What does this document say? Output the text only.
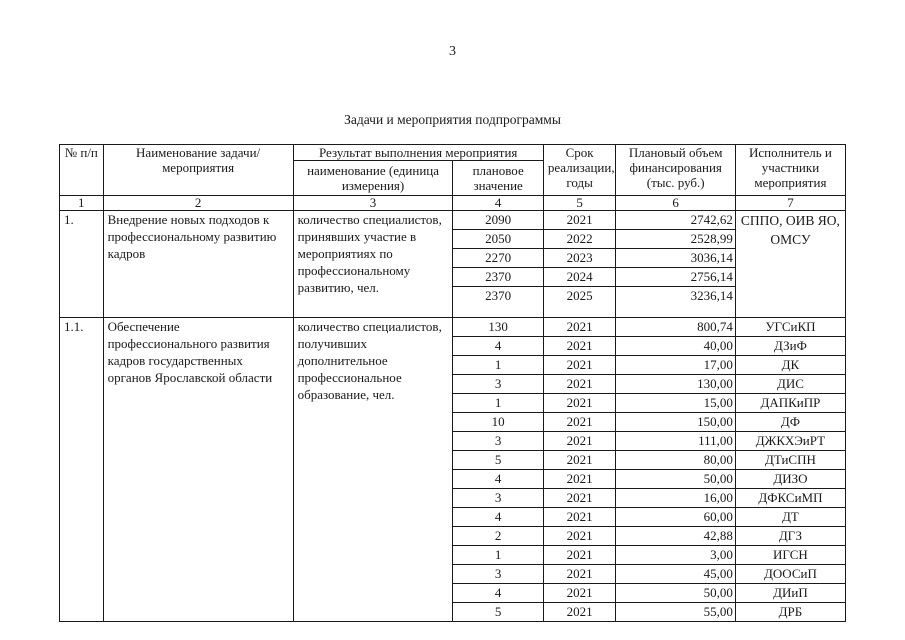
3
Задачи и мероприятия подпрограммы
№ п/п	Наименование задачи/мероприятия	Результат выполнения мероприятия		Срок реализации, годы	Плановый объем финансирования (тыс. руб.)	Исполнитель и участники мероприятия
		наименование (единица измерения)	плановое значение			
1	2	3	4	5	6	7
1.	Внедрение новых подходов к профессиональному развитию кадров	количество специалистов, принявших участие в мероприятиях по профессиональному развитию, чел.	2090	2021	2742,62	СППО, ОИВ ЯО, ОМСУ
			2050	2022	2528,99	
			2270	2023	3036,14	
			2370	2024	2756,14	
			2370	2025	3236,14	
1.1.	Обеспечение профессионального развития кадров государственных органов Ярославской области	количество специалистов, получивших дополнительное профессиональное образование, чел.	130	2021	800,74	УГСиКП
			4	2021	40,00	ДЗиФ
			1	2021	17,00	ДК
			3	2021	130,00	ДИС
			1	2021	15,00	ДАПКиПР
			10	2021	150,00	ДФ
			3	2021	111,00	ДЖКХЭиРТ
			5	2021	80,00	ДТиСПН
			4	2021	50,00	ДИЗО
			3	2021	16,00	ДФКСиМП
			4	2021	60,00	ДТ
			2	2021	42,88	ДГЗ
			1	2021	3,00	ИГСН
			3	2021	45,00	ДООСиП
			4	2021	50,00	ДИиП
			5	2021	55,00	ДРБ
